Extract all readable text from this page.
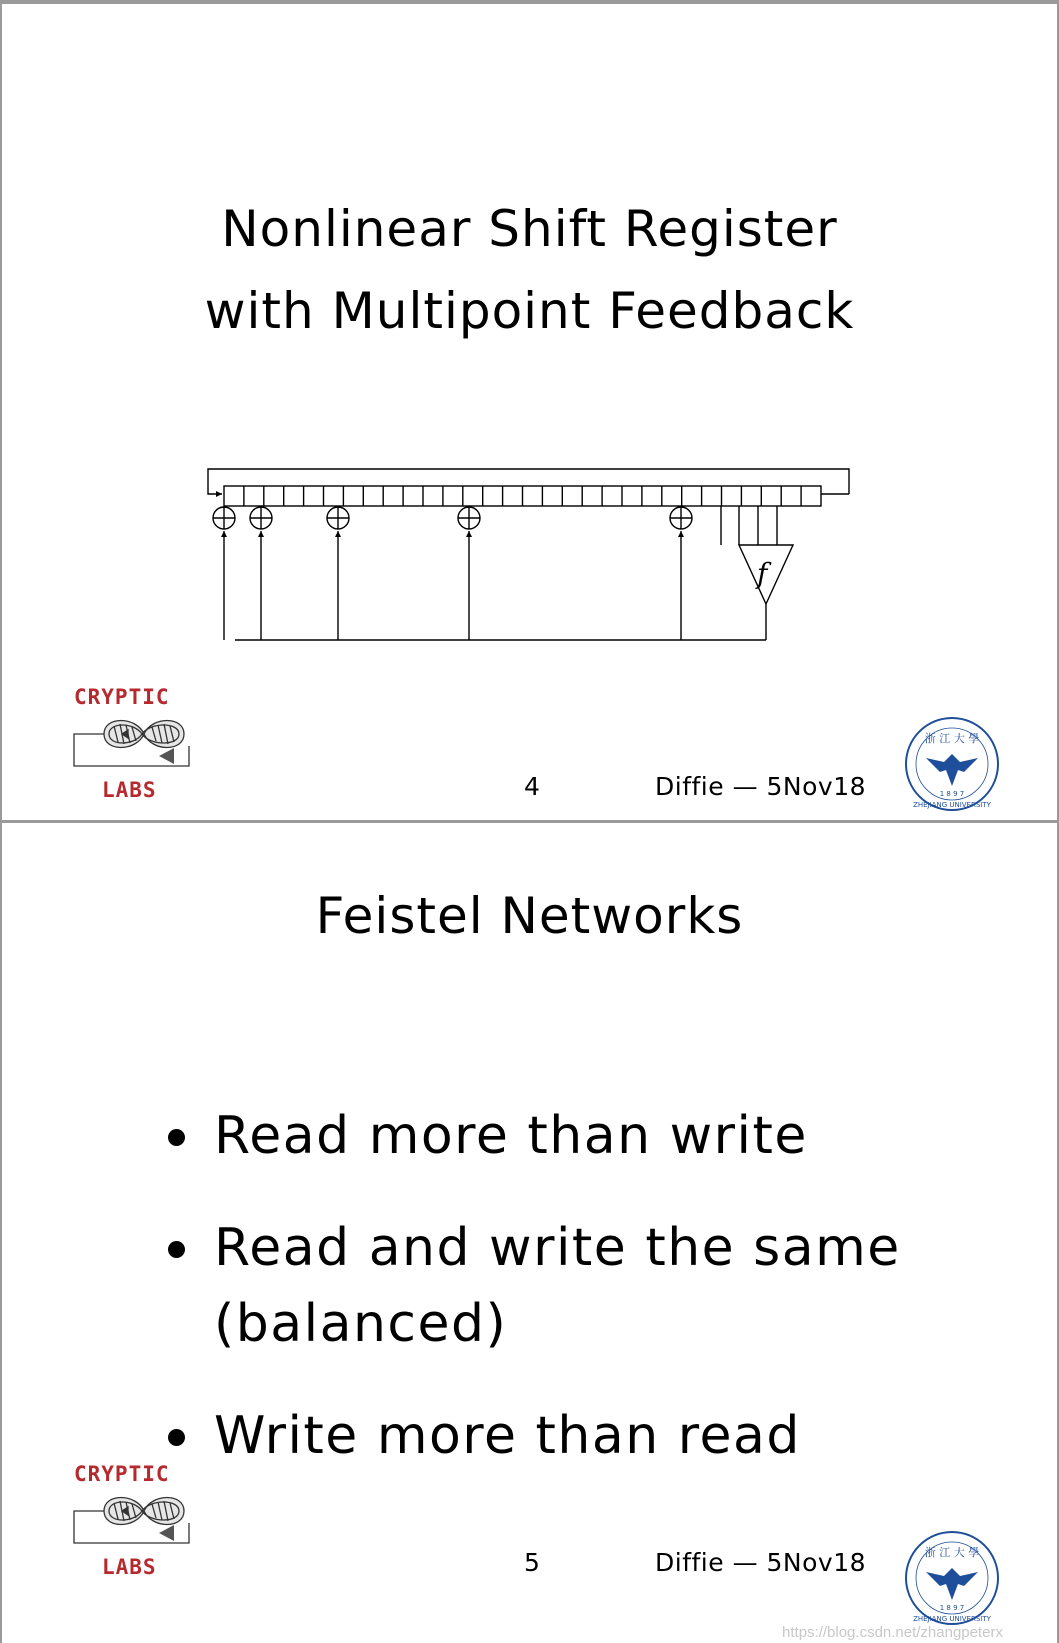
Nonlinear Shift Register
with Multipoint Feedback
f
CRYPTIC
LABS	4	Diffie — 5Nov18
浙 江 大 學
1 8 9 7
ZHEJIANG UNIVERSITY
Feistel Networks
Read more than write
Read and write the same
(balanced)
Write more than read
CRYPTIC
LABS	5	Diffie — 5Nov18	浙 江 大 學
1 8 9 7
ZHEJIANG UNIVERSITY
https://blog.csdn.net/zhangpeterx
